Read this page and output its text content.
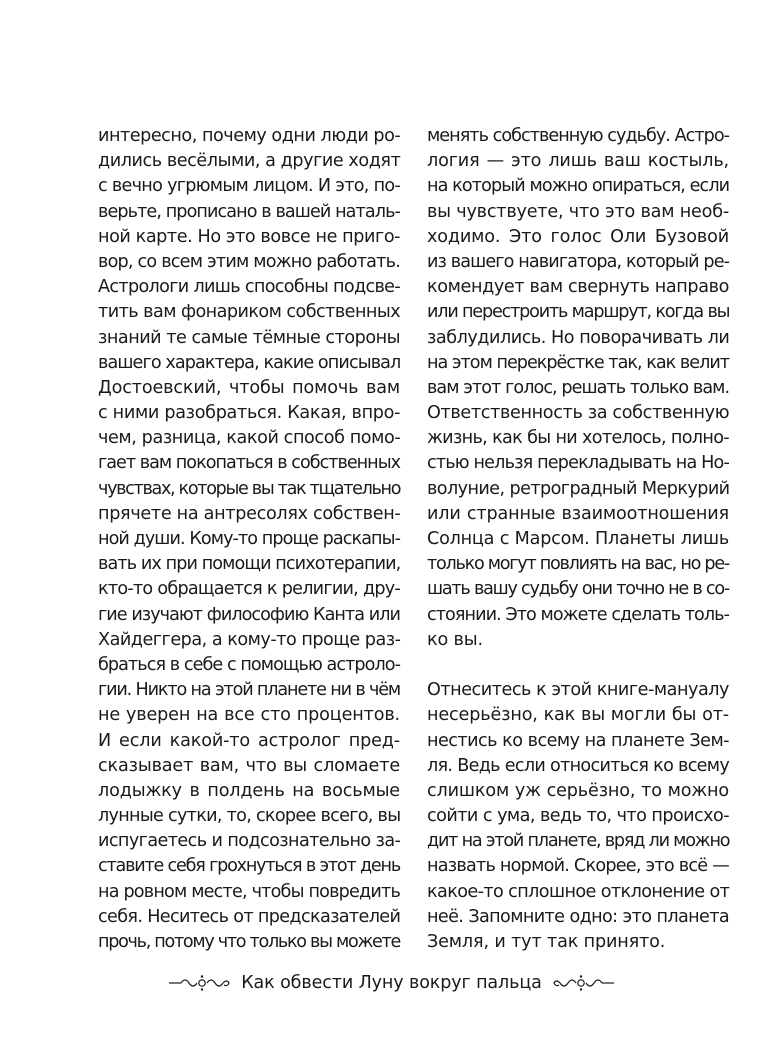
интересно, почему одни люди ро-
дились весёлыми, а другие ходят
с вечно угрюмым лицом. И это, по-
верьте, прописано в вашей наталь-
ной карте. Но это вовсе не приго-
вор, со всем этим можно работать.
Астрологи лишь способны подсве-
тить вам фонариком собственных
знаний те самые тёмные стороны
вашего характера, какие описывал
Достоевский, чтобы помочь вам
с ними разобраться. Какая, впро-
чем, разница, какой способ помо-
гает вам покопаться в собственных
чувствах, которые вы так тщательно
прячете на антресолях собствен-
ной души. Кому-то проще раскапы-
вать их при помощи психотерапии,
кто-то обращается к религии, дру-
гие изучают философию Канта или
Хайдеггера, а кому-то проще раз-
браться в себе с помощью астроло-
гии. Никто на этой планете ни в чём
не уверен на все сто процентов.
И если какой-то астролог пред-
сказывает вам, что вы сломаете
лодыжку в полдень на восьмые
лунные сутки, то, скорее всего, вы
испугаетесь и подсознательно за-
ставите себя грохнуться в этот день
на ровном месте, чтобы повредить
себя. Неситесь от предсказателей
прочь, потому что только вы можете
менять собственную судьбу. Астро-
логия — это лишь ваш костыль,
на который можно опираться, если
вы чувствуете, что это вам необ-
ходимо. Это голос Оли Бузовой
из вашего навигатора, который ре-
комендует вам свернуть направо
или перестроить маршрут, когда вы
заблудились. Но поворачивать ли
на этом перекрёстке так, как велит
вам этот голос, решать только вам.
Ответственность за собственную
жизнь, как бы ни хотелось, полно-
стью нельзя перекладывать на Но-
волуние, ретроградный Меркурий
или странные взаимоотношения
Солнца с Марсом. Планеты лишь
только могут повлиять на вас, но ре-
шать вашу судьбу они точно не в со-
стоянии. Это можете сделать толь-
ко вы.
Отнеситесь к этой книге-мануалу
несерьёзно, как вы могли бы от-
нестись ко всему на планете Зем-
ля. Ведь если относиться ко всему
слишком уж серьёзно, то можно
сойти с ума, ведь то, что происхо-
дит на этой планете, вряд ли можно
назвать нормой. Скорее, это всё —
какое-то сплошное отклонение от
неё. Запомните одно: это планета
Земля, и тут так принято.
Как обвести Луну вокруг пальца
